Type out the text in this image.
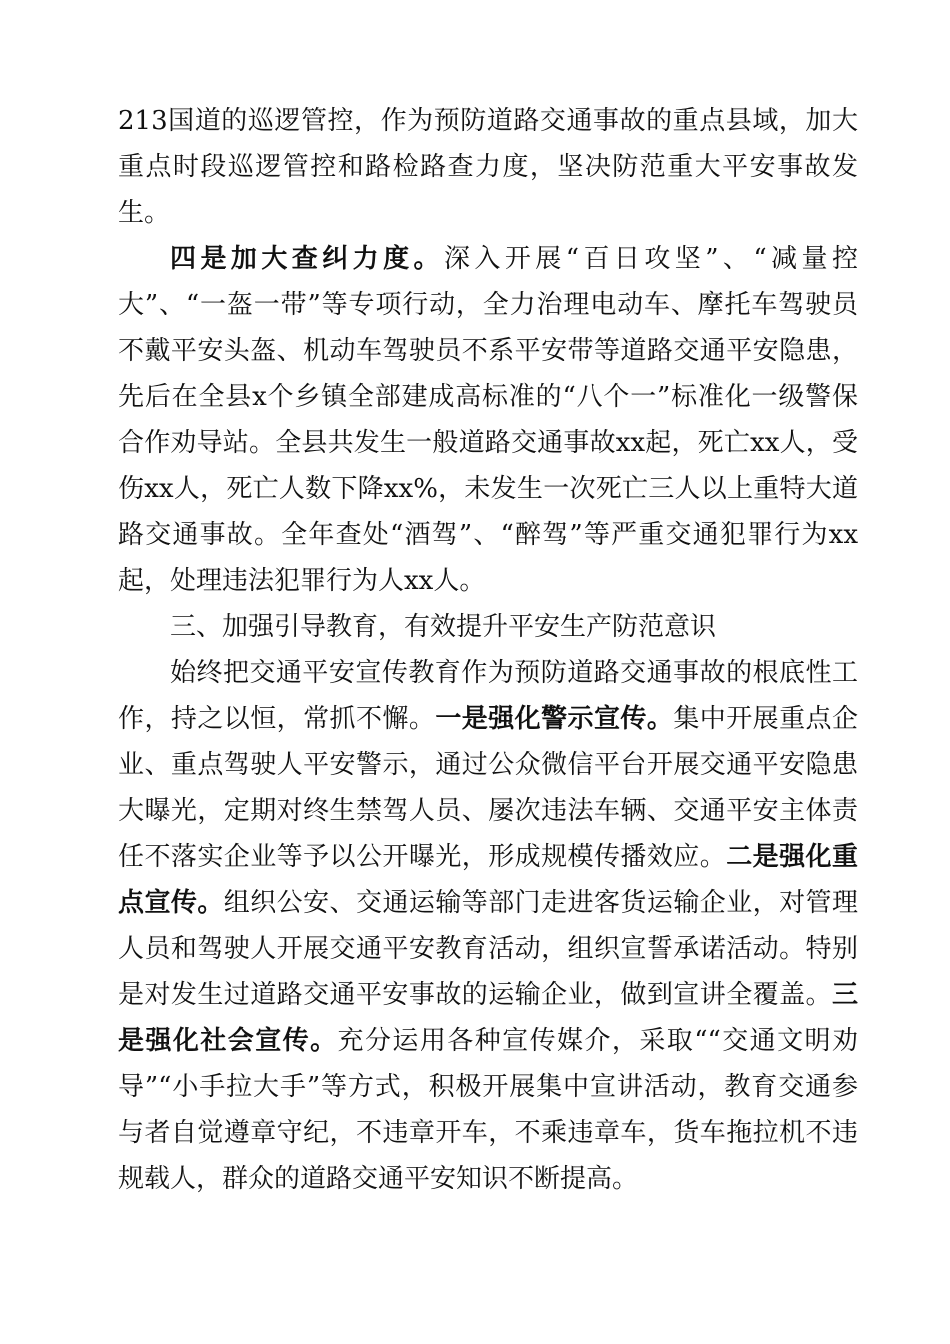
213国道的巡逻管控，作为预防道路交通事故的重点县域，加大重点时段巡逻管控和路检路查力度，坚决防范重大平安事故发生。

四是加大查纠力度。深入开展“百日攻坚”、“减量控大”、“一盔一带”等专项行动，全力治理电动车、摩托车驾驶员不戴平安头盔、机动车驾驶员不系平安带等道路交通平安隐患，先后在全县x个乡镇全部建成高标准的“八个一”标准化一级警保合作劝导站。全县共发生一般道路交通事故xx起，死亡xx人，受伤xx人，死亡人数下降xx%，未发生一次死亡三人以上重特大道路交通事故。全年查处“酒驾”、“醉驾”等严重交通犯罪行为xx起，处理违法犯罪行为人xx人。

三、加强引导教育，有效提升平安生产防范意识

始终把交通平安宣传教育作为预防道路交通事故的根底性工作，持之以恒，常抓不懈。一是强化警示宣传。集中开展重点企业、重点驾驶人平安警示，通过公众微信平台开展交通平安隐患大曝光，定期对终生禁驾人员、屡次违法车辆、交通平安主体责任不落实企业等予以公开曝光，形成规模传播效应。二是强化重点宣传。组织公安、交通运输等部门走进客货运输企业，对管理人员和驾驶人开展交通平安教育活动，组织宣誓承诺活动。特别是对发生过道路交通平安事故的运输企业，做到宣讲全覆盖。三是强化社会宣传。充分运用各种宣传媒介，采取““交通文明劝导”“小手拉大手”等方式，积极开展集中宣讲活动，教育交通参与者自觉遵章守纪，不违章开车，不乘违章车，货车拖拉机不违规载人，群众的道路交通平安知识不断提高。
